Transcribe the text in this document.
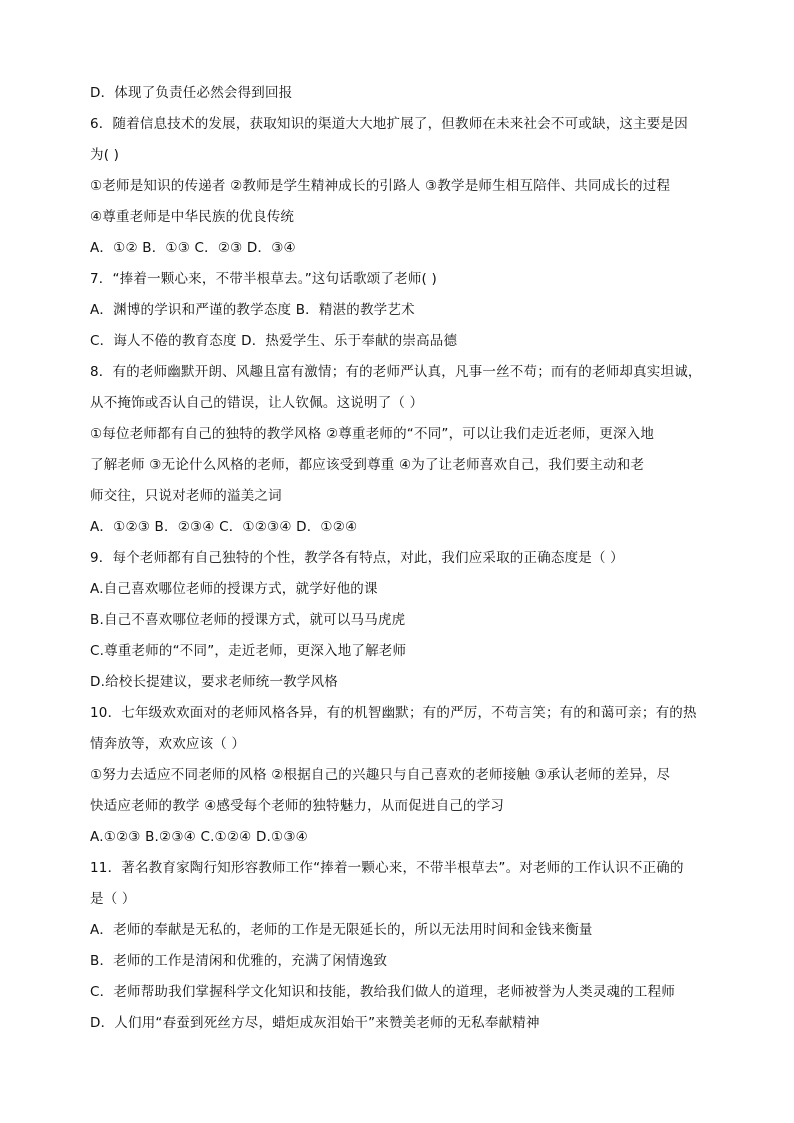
D．体现了负责任必然会得到回报
6．随着信息技术的发展，获取知识的渠道大大地扩展了，但教师在未来社会不可或缺，这主要是因
为( )
①老师是知识的传递者 ②教师是学生精神成长的引路人 ③教学是师生相互陪伴、共同成长的过程
④尊重老师是中华民族的优良传统
A．①② B．①③ C．②③ D．③④
7．“捧着一颗心来，不带半根草去。”这句话歌颂了老师( )
A．渊博的学识和严谨的教学态度 B．精湛的教学艺术
C．诲人不倦的教育态度 D．热爱学生、乐于奉献的崇高品德
8．有的老师幽默开朗、风趣且富有激情；有的老师严认真，凡事一丝不苟；而有的老师却真实坦诚，
从不掩饰或否认自己的错误，让人钦佩。这说明了（ ）
①每位老师都有自己的独特的教学风格 ②尊重老师的“不同”，可以让我们走近老师，更深入地
了解老师 ③无论什么风格的老师，都应该受到尊重 ④为了让老师喜欢自己，我们要主动和老
师交往，只说对老师的溢美之词
A．①②③ B．②③④ C．①②③④ D．①②④
9．每个老师都有自己独特的个性，教学各有特点，对此，我们应采取的正确态度是（ ）
A.自己喜欢哪位老师的授课方式，就学好他的课
B.自己不喜欢哪位老师的授课方式，就可以马马虎虎
C.尊重老师的“不同”，走近老师，更深入地了解老师
D.给校长提建议，要求老师统一教学风格
10．七年级欢欢面对的老师风格各异，有的机智幽默；有的严厉，不苟言笑；有的和蔼可亲；有的热
情奔放等，欢欢应该（ ）
①努力去适应不同老师的风格 ②根据自己的兴趣只与自己喜欢的老师接触 ③承认老师的差异，尽
快适应老师的教学 ④感受每个老师的独特魅力，从而促进自己的学习
A.①②③ B.②③④ C.①②④ D.①③④
11．著名教育家陶行知形容教师工作“捧着一颗心来，不带半根草去”。对老师的工作认识不正确的
是（ ）
A．老师的奉献是无私的，老师的工作是无限延长的，所以无法用时间和金钱来衡量
B．老师的工作是清闲和优雅的，充满了闲情逸致
C．老师帮助我们掌握科学文化知识和技能，教给我们做人的道理，老师被誉为人类灵魂的工程师
D．人们用“春蚕到死丝方尽，蜡炬成灰泪始干”来赞美老师的无私奉献精神
